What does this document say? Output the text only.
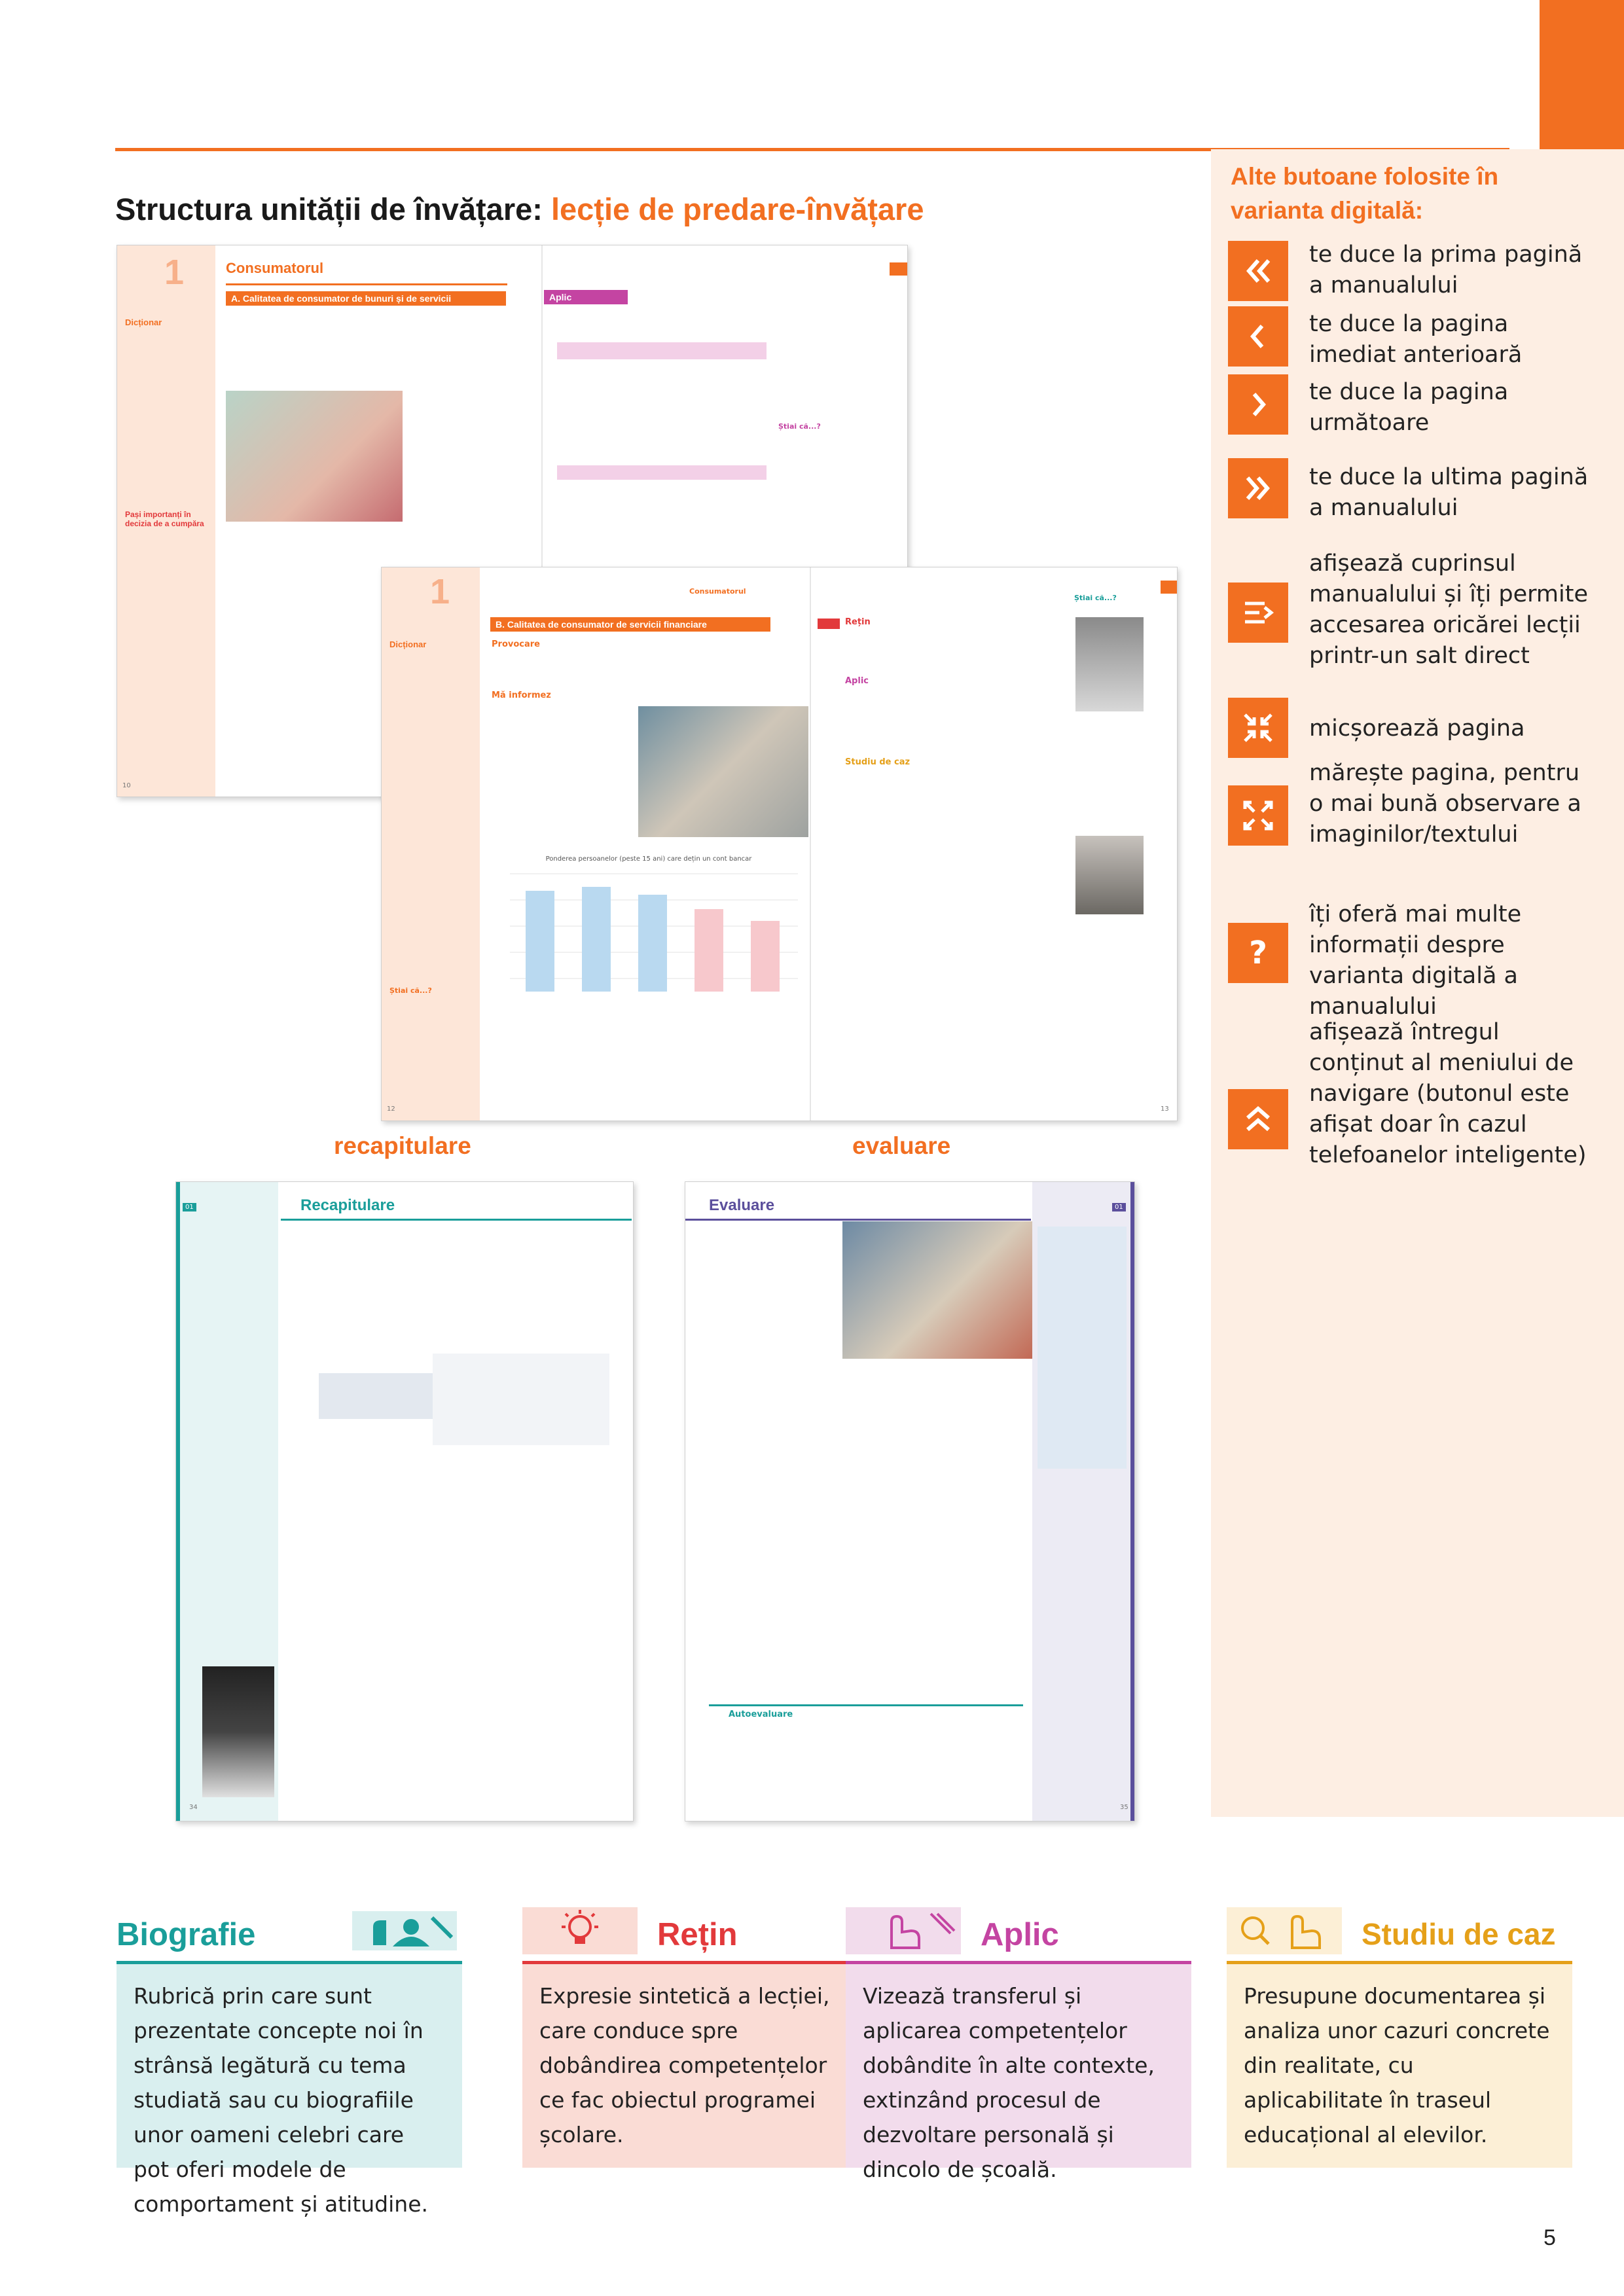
Structura unității de învățare: lecție de predare-învățare
Alte butoane folosite în varianta digitală:
te duce la prima pagină a manualului
te duce la pagina imediat anterioară
te duce la pagina următoare
te duce la ultima pagină a manualului
afișează cuprinsul manualului și îți permite accesarea oricărei lecții printr-un salt direct
micșorează pagina
mărește pagina, pentru o mai bună observare a imaginilor/textului
?
îți oferă mai multe informații despre varianta digitală a manualului
afișează întregul conținut al meniului de navigare (butonul este afișat doar în cazul telefoanelor inteligente)
1	Consumatorul
A. Calitatea de consumator de bunuri și de servicii
Dicționar
Pași importanți în decizia de a cumpăra
10
Aplic
Știai că...?
1	Consumatorul
B. Calitatea de consumator de servicii financiare
Dicționar	Provocare
Mă informez
Ponderea persoanelor (peste 15 ani) care dețin un cont bancar
Știai că...?
12
Rețin
Aplic
Studiu de caz
Știai că...?
13
recapitulare	evaluare
01	Recapitulare
34
01
Evaluare
Autoevaluare
35
Biografie
Rubrică prin care sunt prezentate concepte noi în strânsă legătură cu tema studiată sau cu biografiile unor oameni celebri care pot oferi modele de comportament și atitudine.
Rețin
Expresie sintetică a lecției, care conduce spre dobândirea competențelor ce fac obiectul programei școlare.
Aplic
Vizează transferul și aplicarea competențelor dobândite în alte contexte, extinzând procesul de dezvoltare personală și dincolo de școală.
Studiu de caz
Presupune documentarea și analiza unor cazuri concrete din realitate, cu aplicabilitate în traseul educațional al elevilor.
5
